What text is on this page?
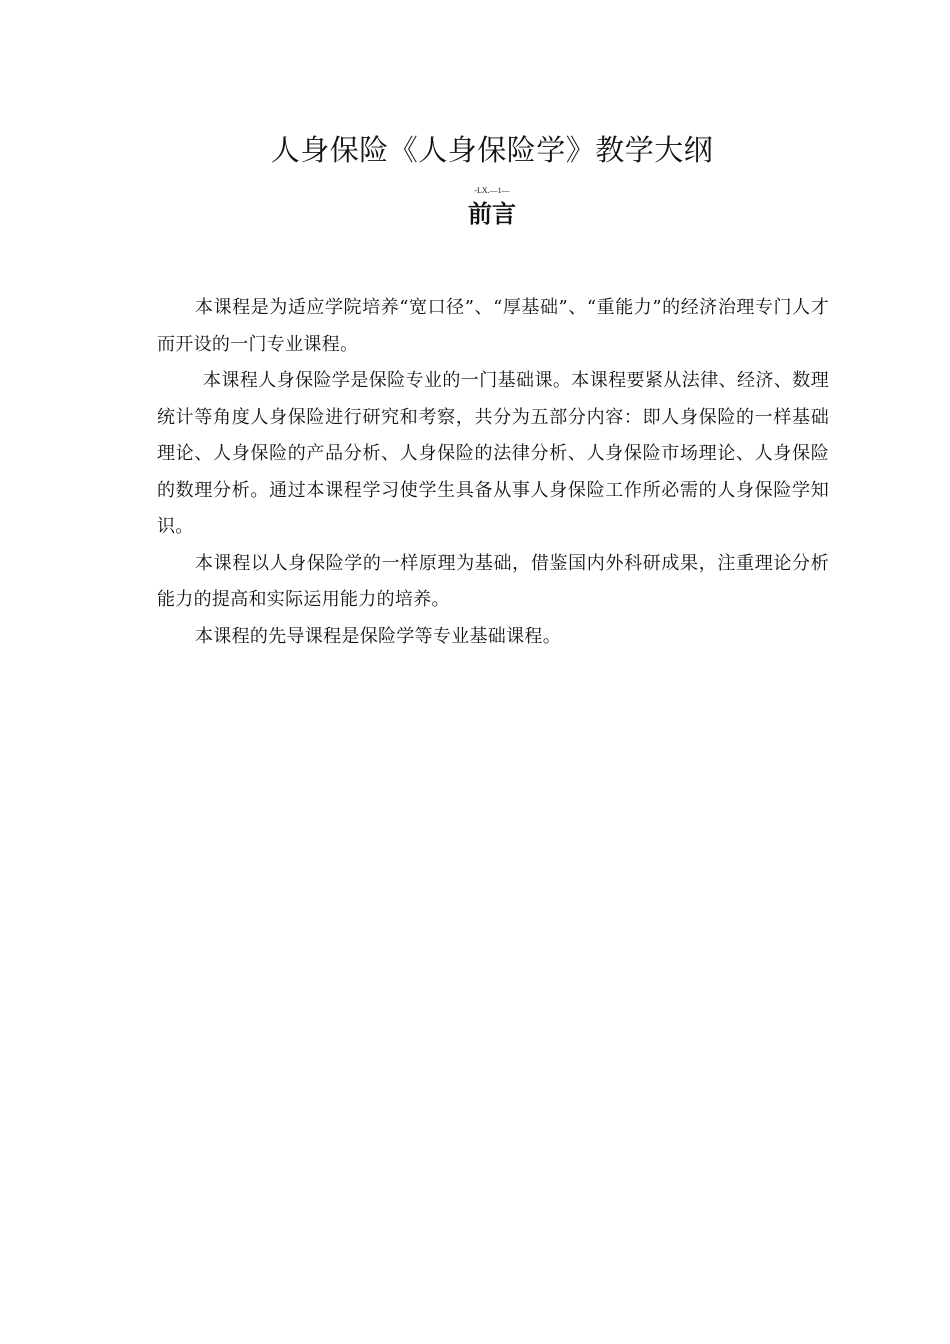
人身保险《人身保险学》教学大纲
-LX.—1—
前言

本课程是为适应学院培养“宽口径”、“厚基础”、“重能力”的经济治理专门人才而开设的一门专业课程。

本课程人身保险学是保险专业的一门基础课。本课程要紧从法律、经济、数理统计等角度人身保险进行研究和考察，共分为五部分内容：即人身保险的一样基础理论、人身保险的产品分析、人身保险的法律分析、人身保险市场理论、人身保险的数理分析。通过本课程学习使学生具备从事人身保险工作所必需的人身保险学知识。

本课程以人身保险学的一样原理为基础，借鉴国内外科研成果，注重理论分析能力的提高和实际运用能力的培养。

本课程的先导课程是保险学等专业基础课程。
